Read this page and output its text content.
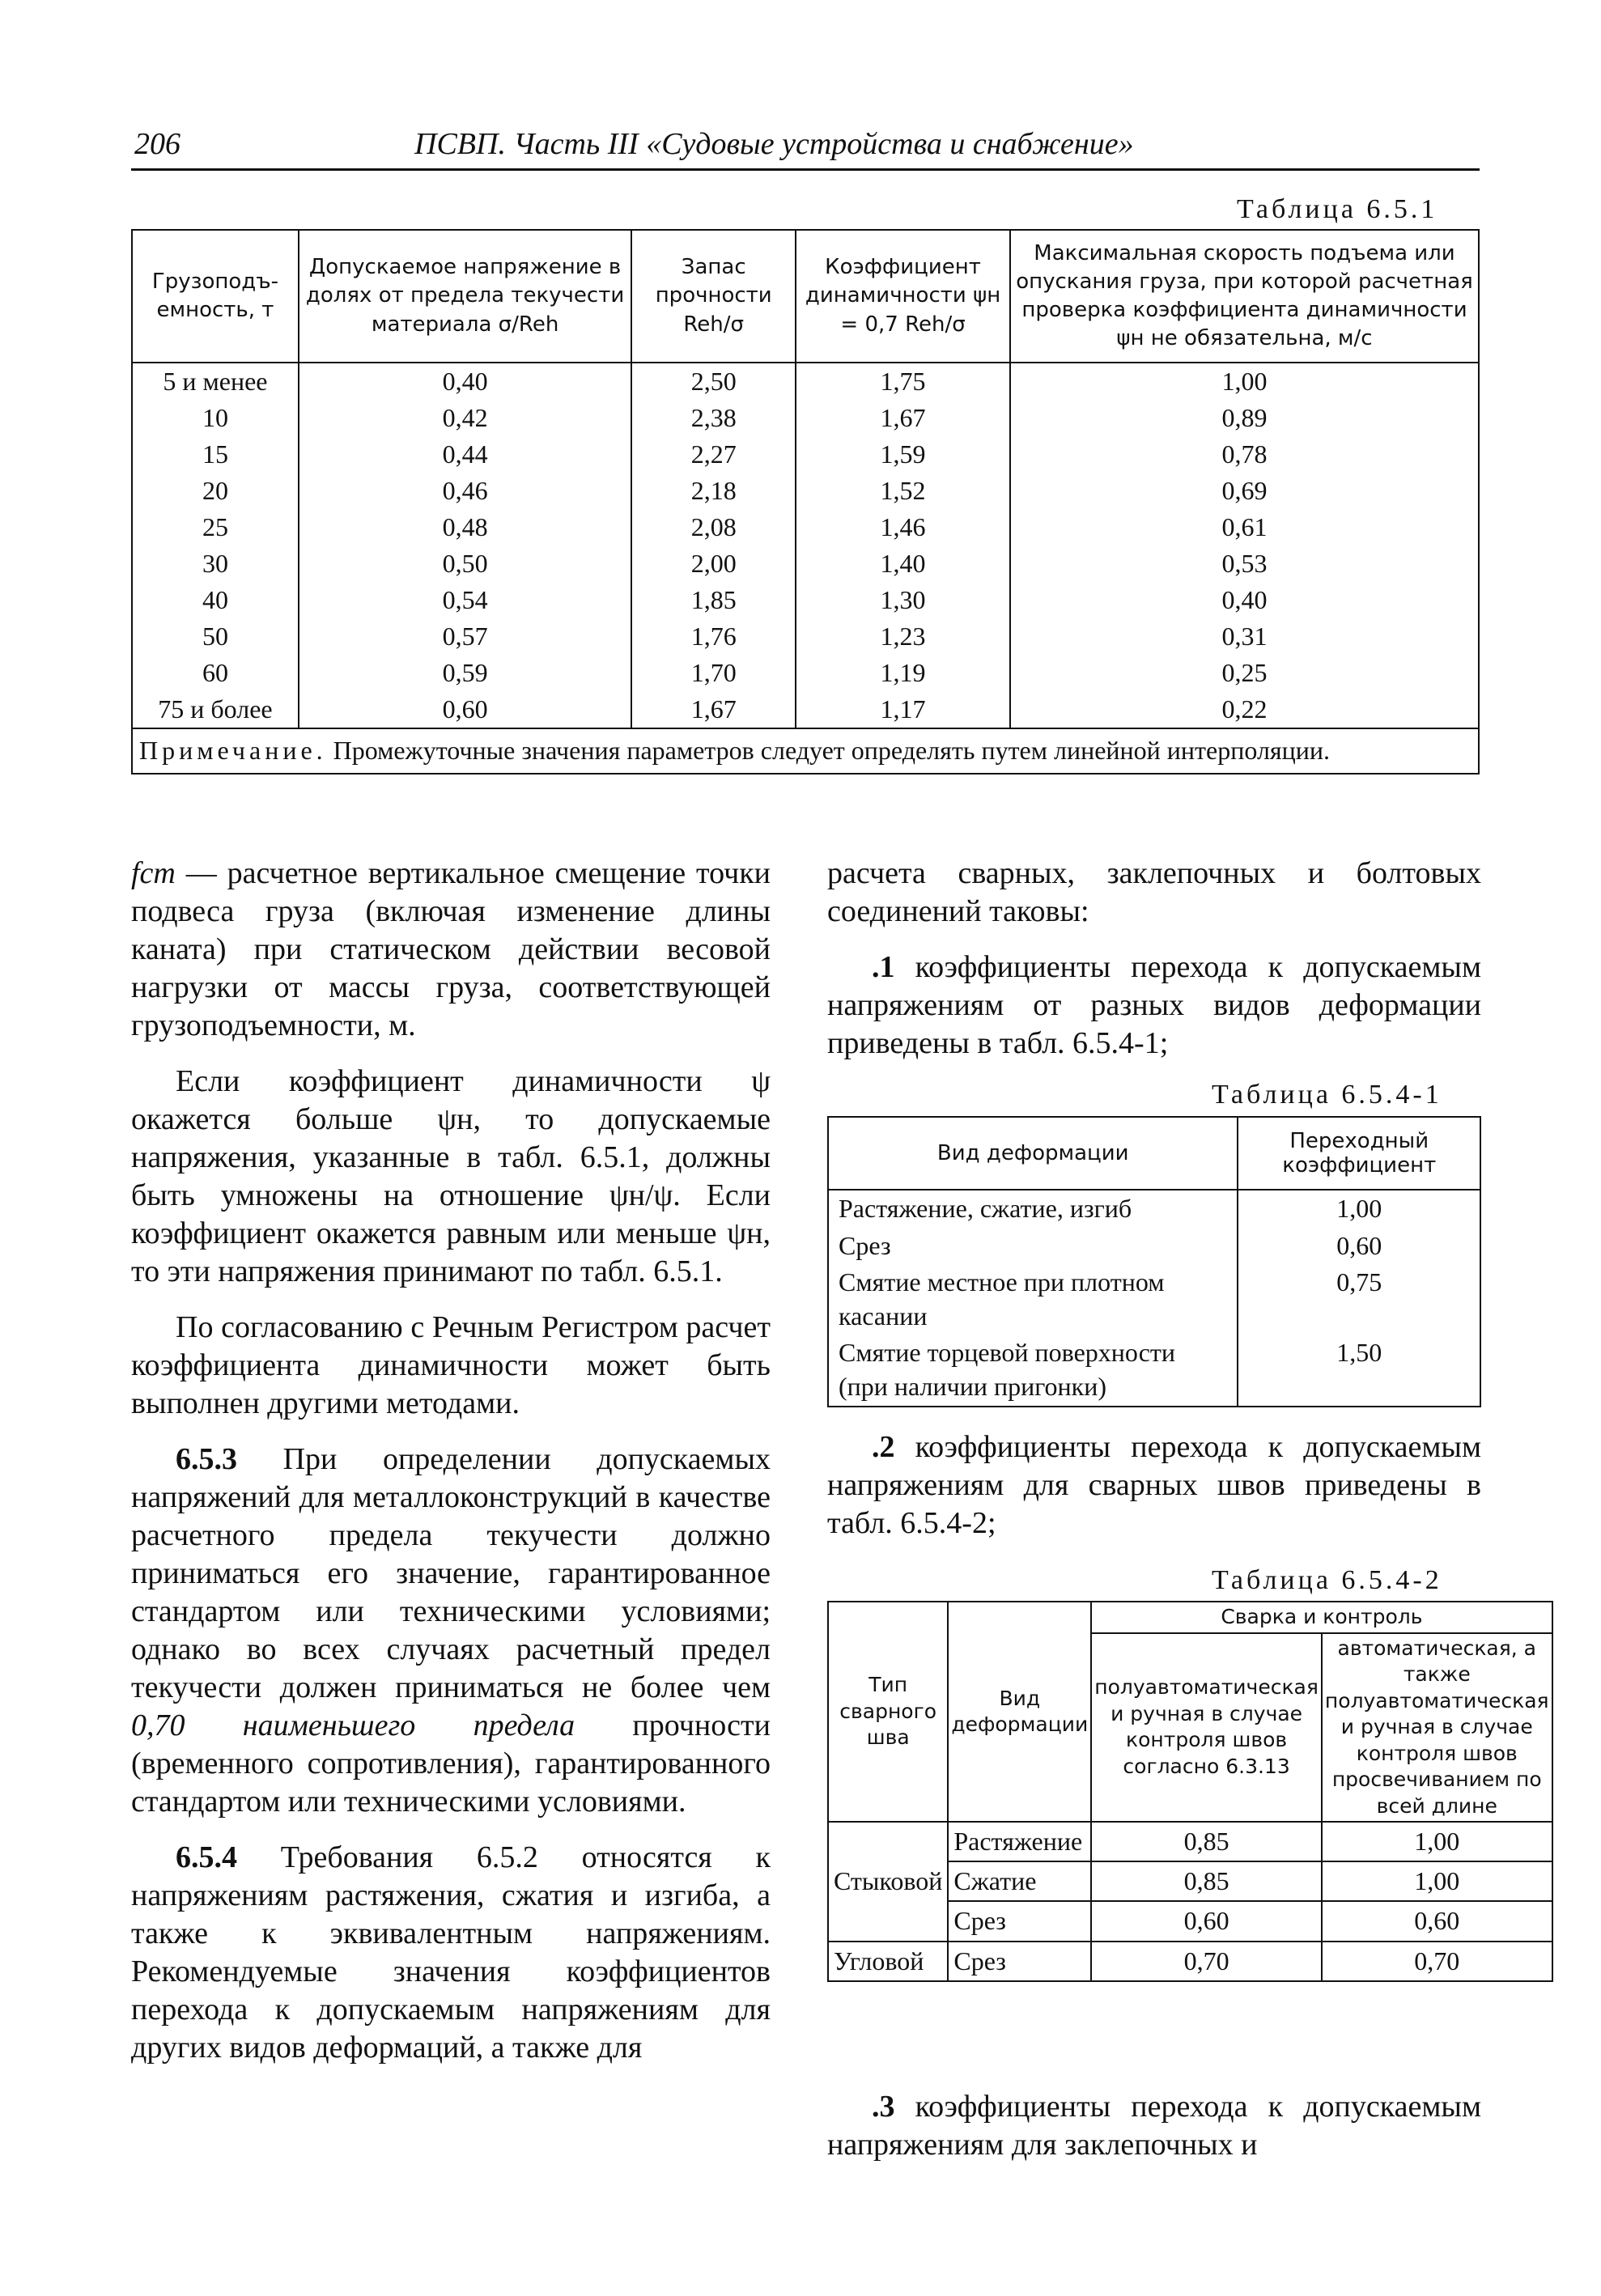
206	ПСВП. Часть III «Судовые устройства и снабжение»
Таблица 6.5.1
Грузоподъ-емность, т	Допускаемое напряжение в долях от предела текучести материала σ/Reh	Запас прочности Reh/σ	Коэффициент динамичности ψн = 0,7 Reh/σ	Максимальная скорость подъема или опускания груза, при которой расчетная проверка коэффициента динамичности ψн не обязательна, м/с
5 и менее	0,40	2,50	1,75	1,00
10	0,42	2,38	1,67	0,89
15	0,44	2,27	1,59	0,78
20	0,46	2,18	1,52	0,69
25	0,48	2,08	1,46	0,61
30	0,50	2,00	1,40	0,53
40	0,54	1,85	1,30	0,40
50	0,57	1,76	1,23	0,31
60	0,59	1,70	1,19	0,25
75 и более	0,60	1,67	1,17	0,22
Примечание. Промежуточные значения параметров следует определять путем линейной интерполяции.				

fст — расчетное вертикальное смещение точки подвеса груза (включая изменение длины каната) при статическом действии весовой нагрузки от массы груза, соответствующей грузоподъемности, м.

Если коэффициент динамичности ψ окажется больше ψн, то допускаемые напряжения, указанные в табл. 6.5.1, должны быть умножены на отношение ψн/ψ. Если коэффициент окажется равным или меньше ψн, то эти напряжения принимают по табл. 6.5.1.

По согласованию с Речным Регистром расчет коэффициента динамичности может быть выполнен другими методами.

6.5.3 При определении допускаемых напряжений для металлоконструкций в качестве расчетного предела текучести должно приниматься его значение, гарантированное стандартом или техническими условиями; однако во всех случаях расчетный предел текучести должен приниматься не более чем 0,70 наименьшего предела прочности (временного сопротивления), гарантированного стандартом или техническими условиями.

6.5.4 Требования 6.5.2 относятся к напряжениям растяжения, сжатия и изгиба, а также к эквивалентным напряжениям. Рекомендуемые значения коэффициентов перехода к допускаемым напряжениям для других видов деформаций, а также для

расчета сварных, заклепочных и болтовых соединений таковы:

.1 коэффициенты перехода к допускаемым напряжениям от разных видов деформации приведены в табл. 6.5.4-1;

Таблица 6.5.4-1
Вид деформации	Переходный коэффициент
Растяжение, сжатие, изгиб	1,00
Срез	0,60
Смятие местное при плотном касании	0,75
Смятие торцевой поверхности (при наличии пригонки)	1,50

.2 коэффициенты перехода к допускаемым напряжениям для сварных швов приведены в табл. 6.5.4-2;

Таблица 6.5.4-2
Тип сварного шва	Вид деформации	Сварка и контроль	
		полуавтоматическая и ручная в случае контроля швов согласно 6.3.13	автоматическая, а также полуавтоматическая и ручная в случае контроля швов просвечиванием по всей длине
Стыковой	Растяжение	0,85	1,00
	Сжатие	0,85	1,00
	Срез	0,60	0,60
Угловой	Срез	0,70	0,70

.3 коэффициенты перехода к допускаемым напряжениям для заклепочных и
